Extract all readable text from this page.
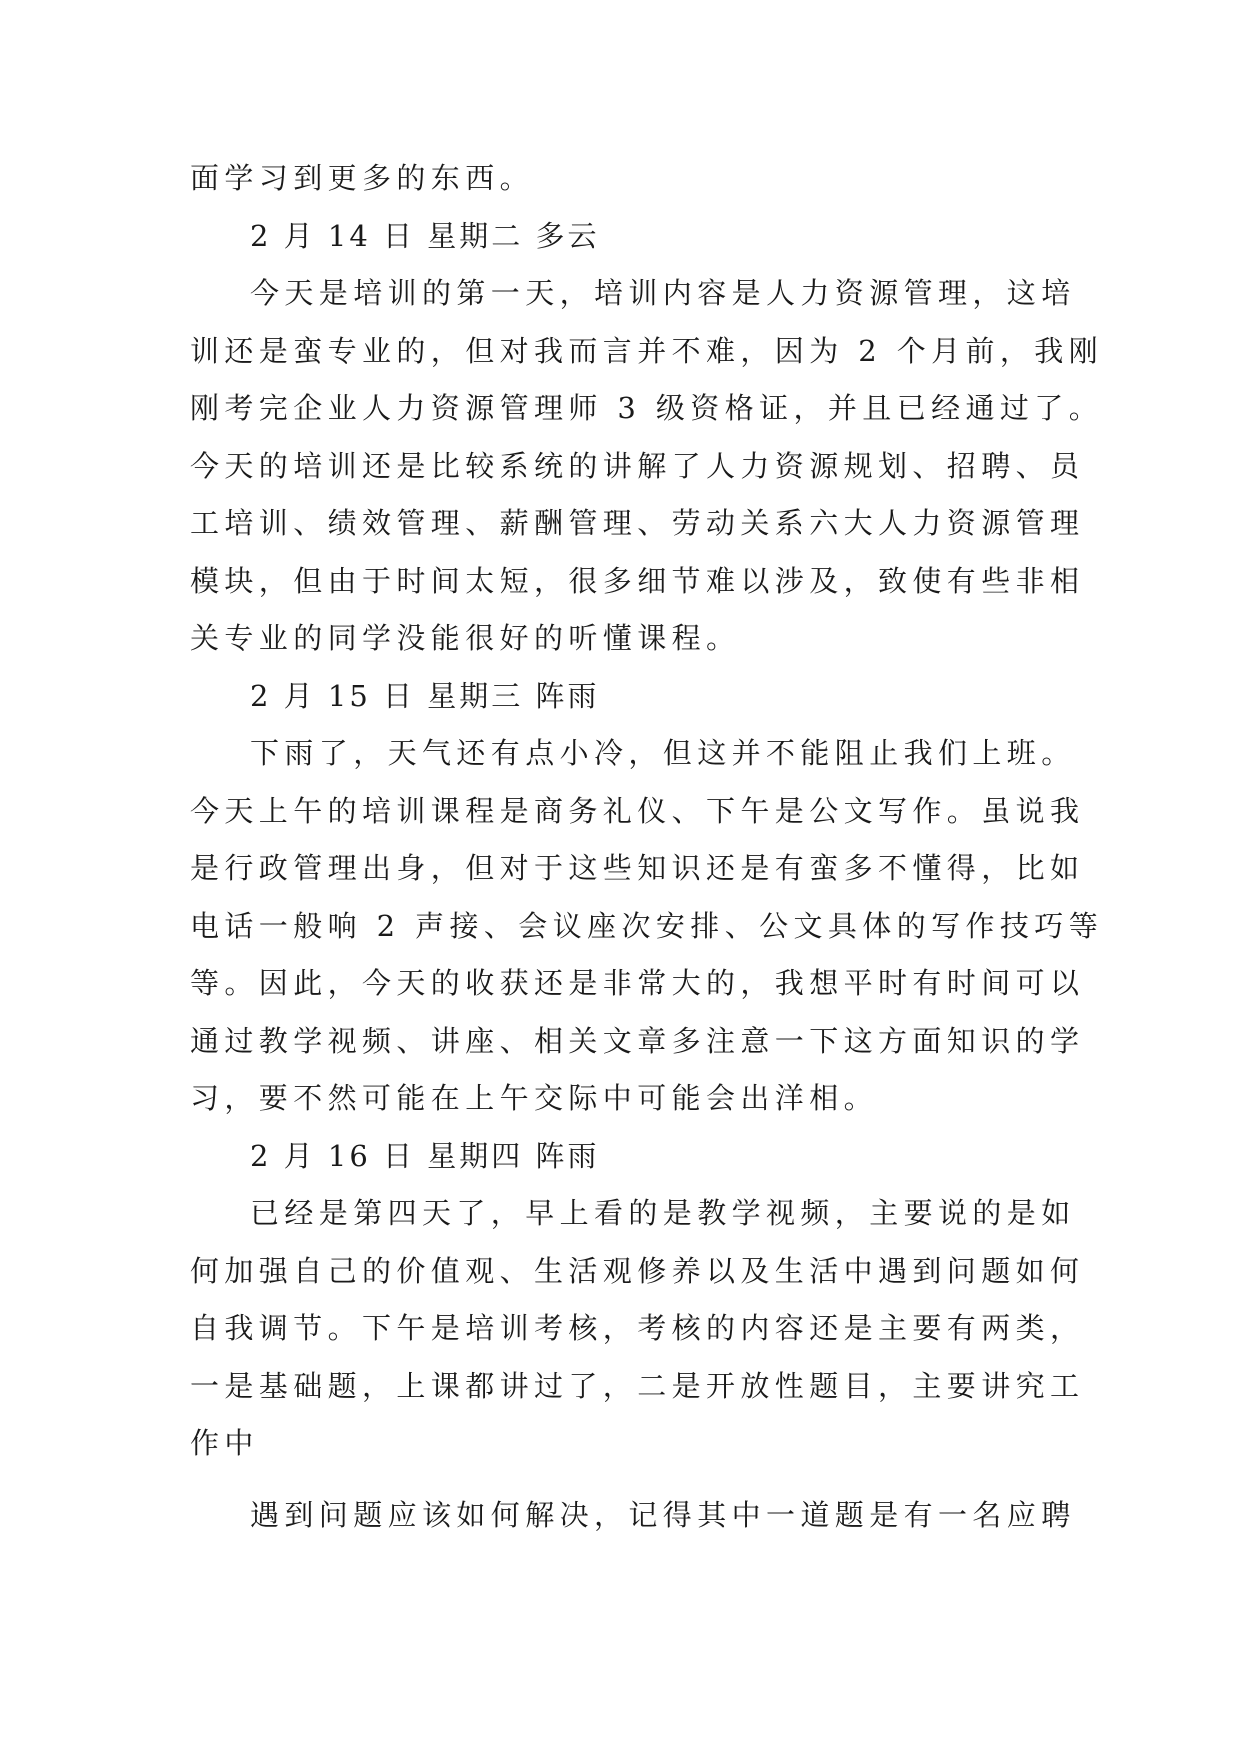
面学习到更多的东西。
2 月 14 日 星期二 多云
今天是培训的第一天，培训内容是人力资源管理，这培
训还是蛮专业的，但对我而言并不难，因为 2 个月前，我刚
刚考完企业人力资源管理师 3 级资格证，并且已经通过了。
今天的培训还是比较系统的讲解了人力资源规划、招聘、员
工培训、绩效管理、薪酬管理、劳动关系六大人力资源管理
模块，但由于时间太短，很多细节难以涉及，致使有些非相
关专业的同学没能很好的听懂课程。
2 月 15 日 星期三 阵雨
下雨了，天气还有点小冷，但这并不能阻止我们上班。
今天上午的培训课程是商务礼仪、下午是公文写作。虽说我
是行政管理出身，但对于这些知识还是有蛮多不懂得，比如
电话一般响 2 声接、会议座次安排、公文具体的写作技巧等
等。因此，今天的收获还是非常大的，我想平时有时间可以
通过教学视频、讲座、相关文章多注意一下这方面知识的学
习，要不然可能在上午交际中可能会出洋相。
2 月 16 日 星期四 阵雨
已经是第四天了，早上看的是教学视频，主要说的是如
何加强自己的价值观、生活观修养以及生活中遇到问题如何
自我调节。下午是培训考核，考核的内容还是主要有两类，
一是基础题，上课都讲过了，二是开放性题目，主要讲究工
作中
遇到问题应该如何解决，记得其中一道题是有一名应聘
